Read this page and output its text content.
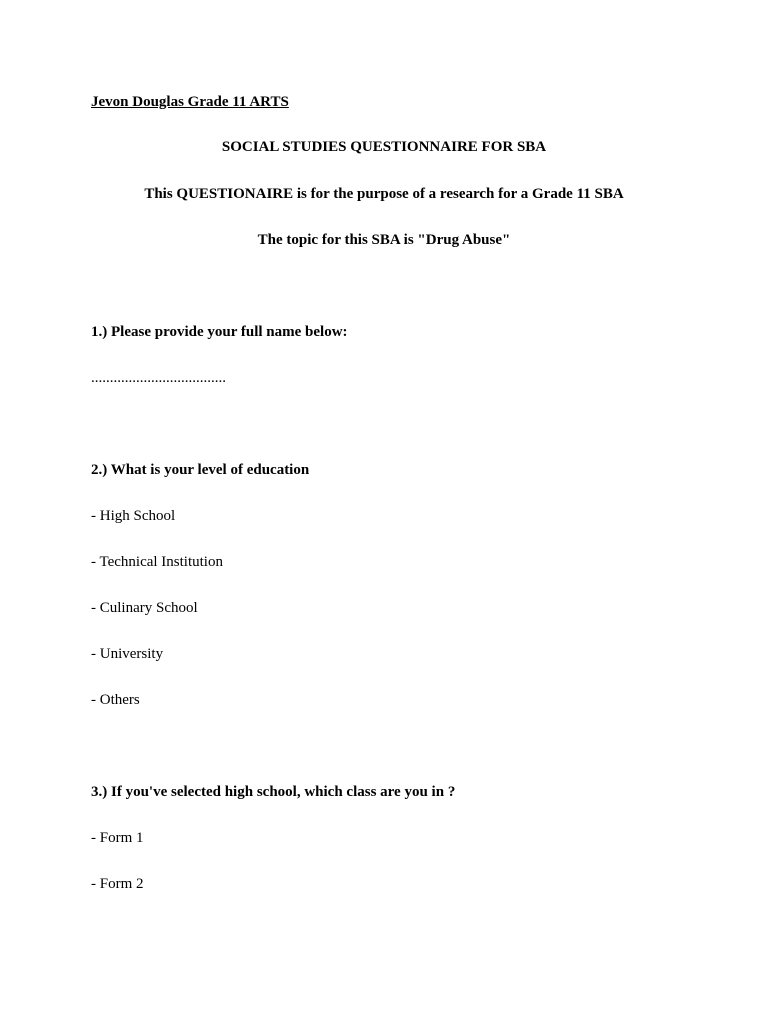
Jevon Douglas Grade 11 ARTS
SOCIAL STUDIES QUESTIONNAIRE FOR SBA
This QUESTIONAIRE is for the purpose of a research for a Grade 11 SBA
The topic for this SBA is "Drug Abuse"
1.) Please provide your full name below:
....................................
2.) What is your level of education
- High School
- Technical Institution
- Culinary School
- University
- Others
3.) If you've selected high school, which class are you in ?
- Form 1
- Form 2
